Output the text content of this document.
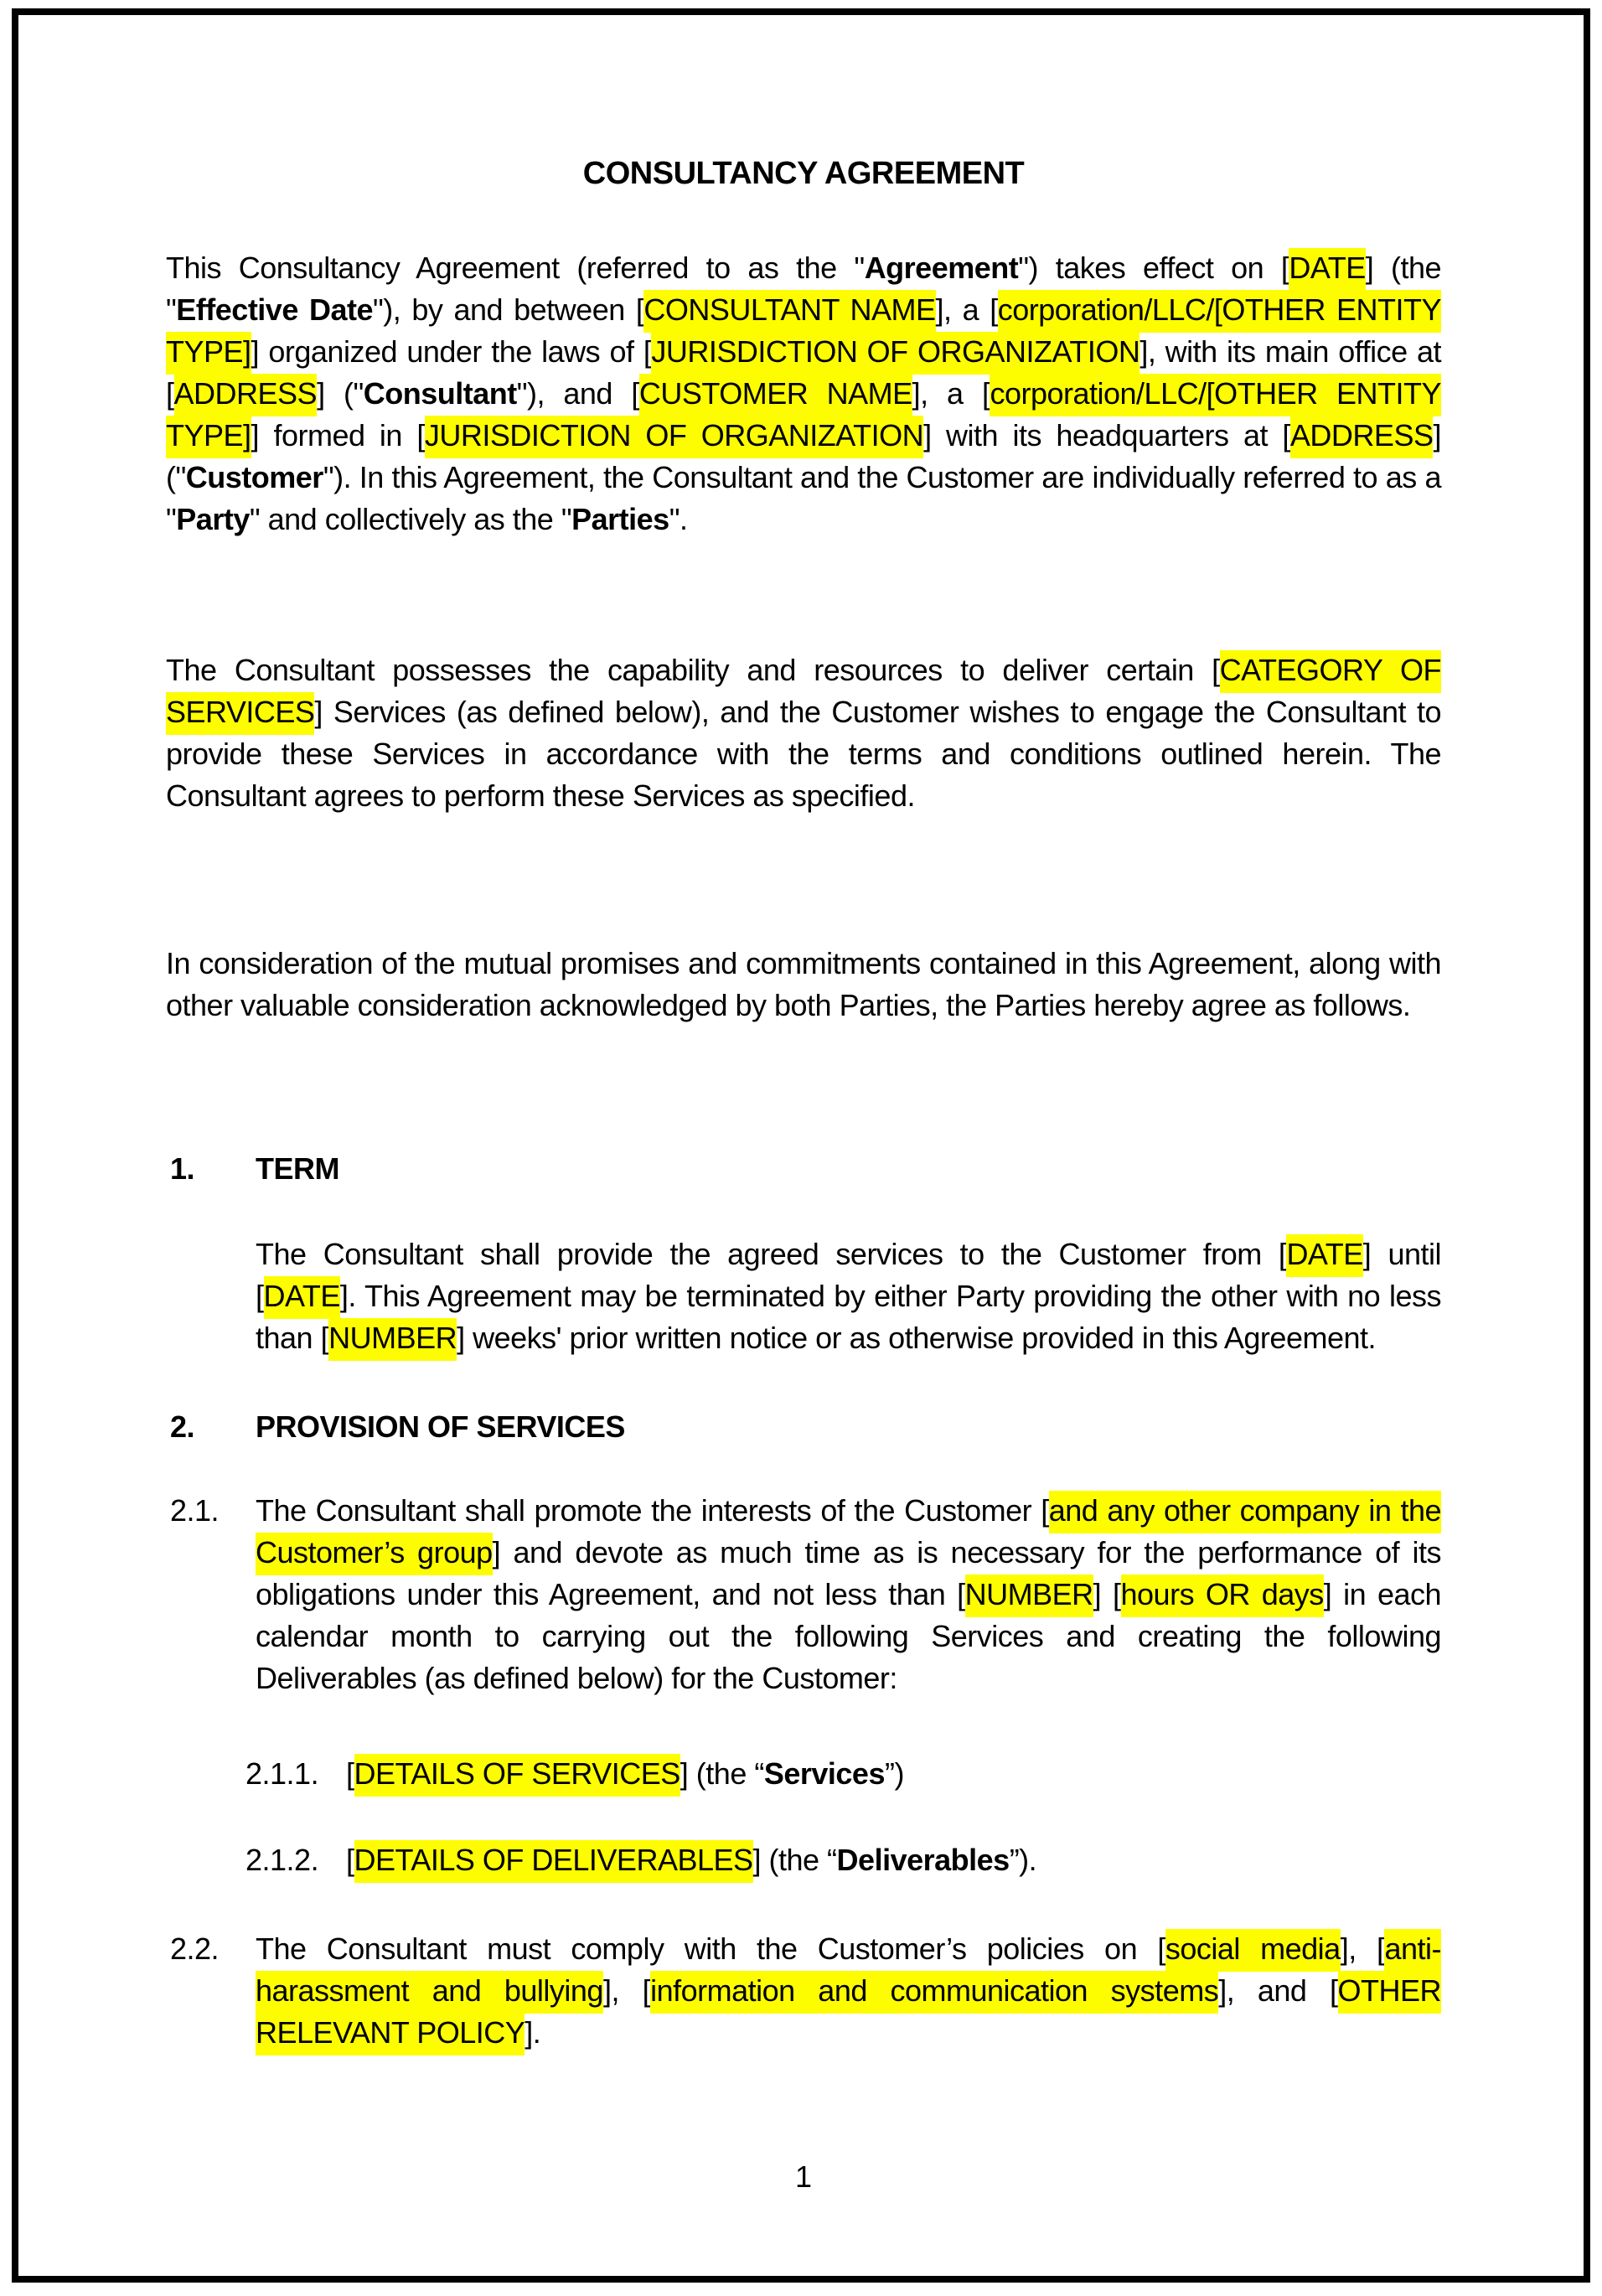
CONSULTANCY AGREEMENT

This Consultancy Agreement (referred to as the "Agreement") takes effect on [DATE] (the "Effective Date"), by and between [CONSULTANT NAME], a [corporation/LLC/[OTHER ENTITY TYPE]] organized under the laws of [JURISDICTION OF ORGANIZATION], with its main office at [ADDRESS] ("Consultant"), and [CUSTOMER NAME], a [corporation/LLC/[OTHER ENTITY TYPE]] formed in [JURISDICTION OF ORGANIZATION] with its headquarters at [ADDRESS] ("Customer"). In this Agreement, the Consultant and the Customer are individually referred to as a "Party" and collectively as the "Parties".

The Consultant possesses the capability and resources to deliver certain [CATEGORY OF SERVICES] Services (as defined below), and the Customer wishes to engage the Consultant to provide these Services in accordance with the terms and conditions outlined herein. The Consultant agrees to perform these Services as specified.

In consideration of the mutual promises and commitments contained in this Agreement, along with other valuable consideration acknowledged by both Parties, the Parties hereby agree as follows.

1.	TERM

The Consultant shall provide the agreed services to the Customer from [DATE] until [DATE]. This Agreement may be terminated by either Party providing the other with no less than [NUMBER] weeks' prior written notice or as otherwise provided in this Agreement.

2.	PROVISION OF SERVICES
2.1.	The Consultant shall promote the interests of the Customer [and any other company in the Customer’s group] and devote as much time as is necessary for the performance of its obligations under this Agreement, and not less than [NUMBER] [hours OR days] in each calendar month to carrying out the following Services and creating the following Deliverables (as defined below) for the Customer:

2.1.1. [DETAILS OF SERVICES] (the “Services”)

2.1.2. [DETAILS OF DELIVERABLES] (the “Deliverables”).

2.2.	The Consultant must comply with the Customer’s policies on [social media], [anti-harassment and bullying], [information and communication systems], and [OTHER RELEVANT POLICY].

1
